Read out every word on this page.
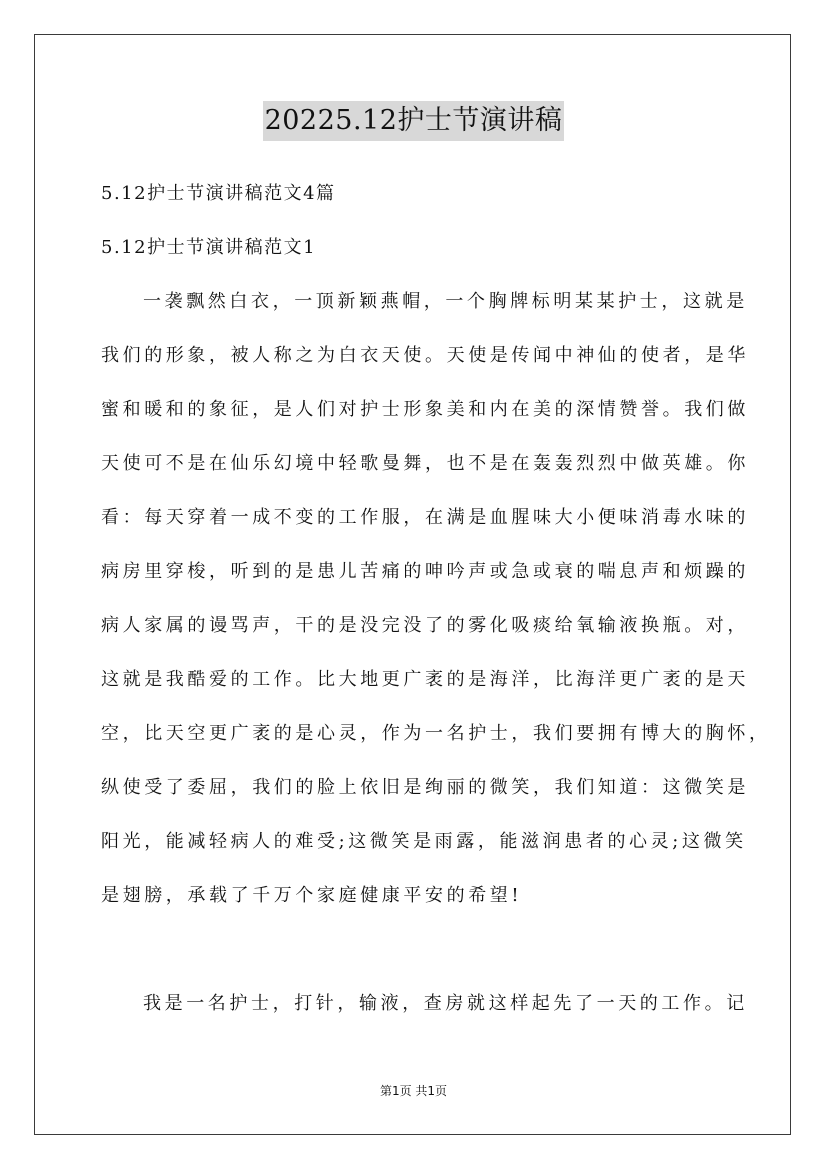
20225.12护士节演讲稿
5.12护士节演讲稿范文4篇
5.12护士节演讲稿范文1
一袭飘然白衣，一顶新颖燕帽，一个胸牌标明某某护士，这就是
我们的形象，被人称之为白衣天使。天使是传闻中神仙的使者，是华
蜜和暖和的象征，是人们对护士形象美和内在美的深情赞誉。我们做
天使可不是在仙乐幻境中轻歌曼舞，也不是在轰轰烈烈中做英雄。你
看：每天穿着一成不变的工作服，在满是血腥味大小便味消毒水味的
病房里穿梭，听到的是患儿苦痛的呻吟声或急或衰的喘息声和烦躁的
病人家属的谩骂声，干的是没完没了的雾化吸痰给氧输液换瓶。对，
这就是我酷爱的工作。比大地更广袤的是海洋，比海洋更广袤的是天
空，比天空更广袤的是心灵，作为一名护士，我们要拥有博大的胸怀，
纵使受了委屈，我们的脸上依旧是绚丽的微笑，我们知道：这微笑是
阳光，能减轻病人的难受;这微笑是雨露，能滋润患者的心灵;这微笑
是翅膀，承载了千万个家庭健康平安的希望!
我是一名护士，打针，输液，查房就这样起先了一天的工作。记
第1页 共1页
